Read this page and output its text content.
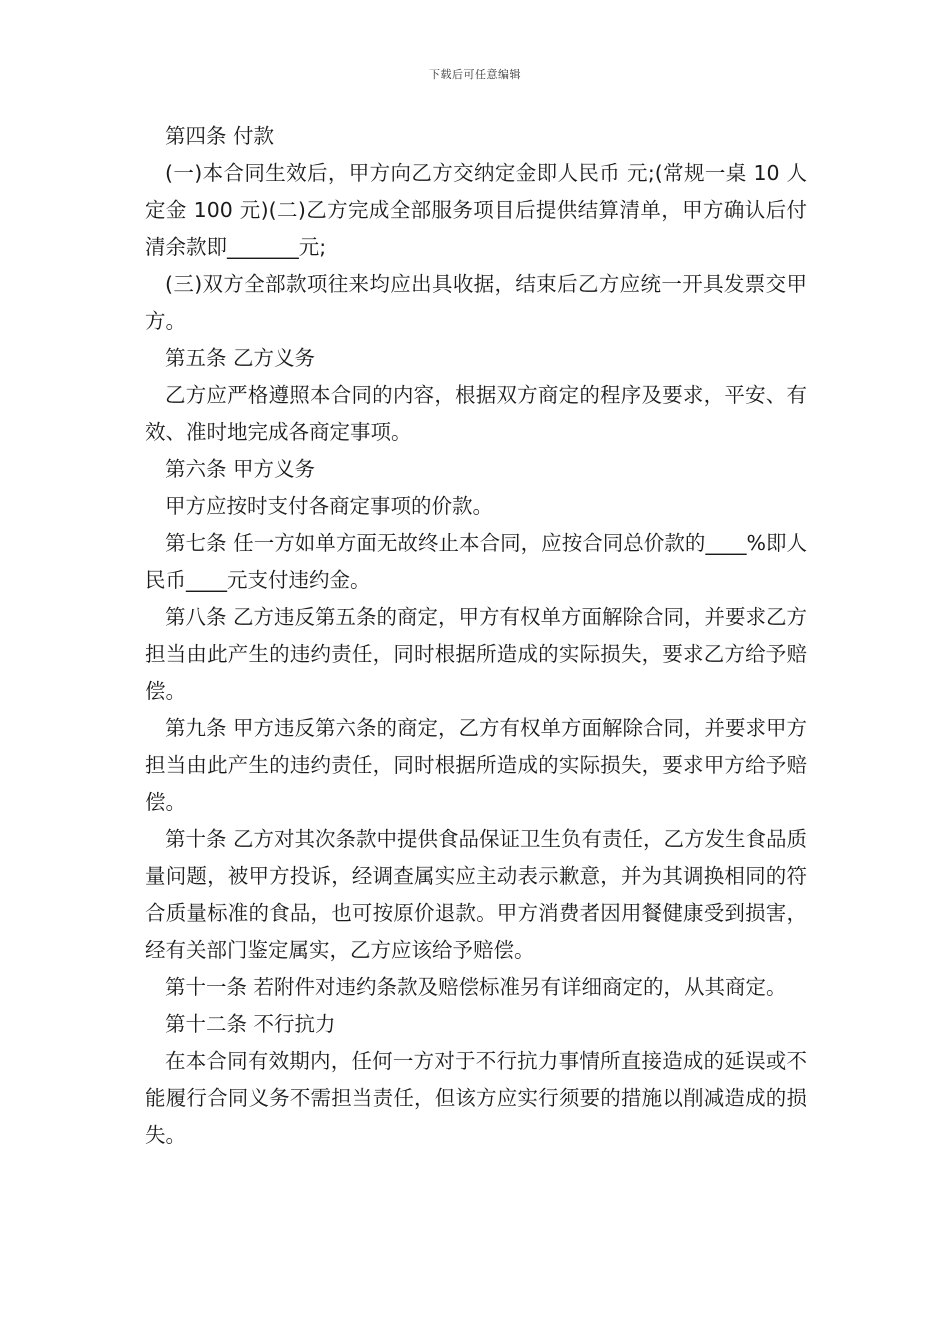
下载后可任意编辑

第四条 付款

(一)本合同生效后，甲方向乙方交纳定金即人民币 元;(常规一桌 10 人定金 100 元)(二)乙方完成全部服务项目后提供结算清单，甲方确认后付清余款即_______元;

(三)双方全部款项往来均应出具收据，结束后乙方应统一开具发票交甲方。

第五条 乙方义务

乙方应严格遵照本合同的内容，根据双方商定的程序及要求，平安、有效、准时地完成各商定事项。

第六条 甲方义务

甲方应按时支付各商定事项的价款。

第七条 任一方如单方面无故终止本合同，应按合同总价款的____%即人民币____元支付违约金。

第八条 乙方违反第五条的商定，甲方有权单方面解除合同，并要求乙方担当由此产生的违约责任，同时根据所造成的实际损失，要求乙方给予赔偿。

第九条 甲方违反第六条的商定，乙方有权单方面解除合同，并要求甲方担当由此产生的违约责任，同时根据所造成的实际损失，要求甲方给予赔偿。

第十条 乙方对其次条款中提供食品保证卫生负有责任，乙方发生食品质量问题，被甲方投诉，经调查属实应主动表示歉意，并为其调换相同的符合质量标准的食品，也可按原价退款。甲方消费者因用餐健康受到损害，经有关部门鉴定属实，乙方应该给予赔偿。

第十一条 若附件对违约条款及赔偿标准另有详细商定的，从其商定。

第十二条 不行抗力

在本合同有效期内，任何一方对于不行抗力事情所直接造成的延误或不能履行合同义务不需担当责任，但该方应实行须要的措施以削减造成的损失。
